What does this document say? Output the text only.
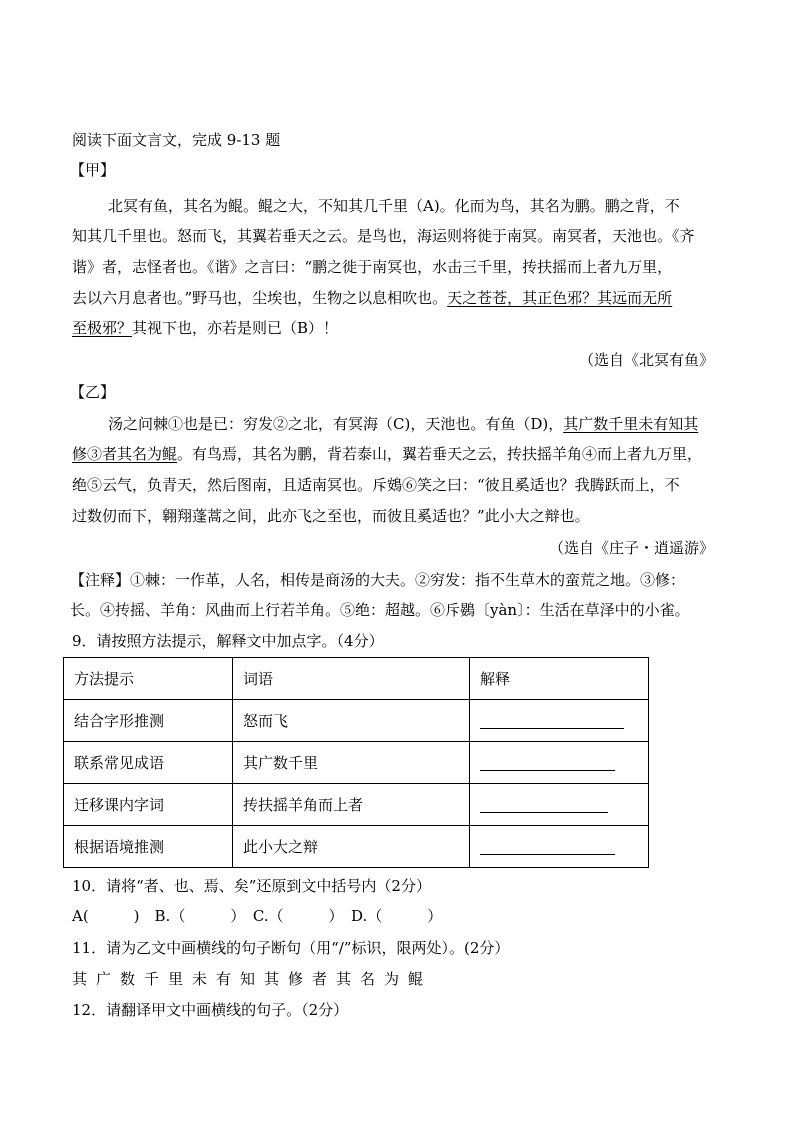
阅读下面文言文，完成 9-13 题
【甲】
北冥有鱼，其名为鲲。鲲之大，不知其几千里（A)。化而为鸟，其名为鹏。鹏之背，不
知其几千里也。怒而飞，其翼若垂天之云。是鸟也，海运则将徙于南冥。南冥者，天池也。《齐
谐》者，志怪者也。《谐》之言曰：“鹏之徙于南冥也，水击三千里，抟扶摇而上者九万里，
去以六月息者也。”野马也，尘埃也，生物之以息相吹也。天之苍苍，其正色邪？其远而无所
至极邪？其视下也，亦若是则已（B）！
（选自《北冥有鱼》
【乙】
汤之问棘①也是已：穷发②之北，有冥海（C)，天池也。有鱼（D)，其广数千里未有知其
修③者其名为鲲。有鸟焉，其名为鹏，背若泰山，翼若垂天之云，抟扶摇羊角④而上者九万里，
绝⑤云气，负青天，然后图南，且适南冥也。斥鴳⑥笑之曰：“彼且奚适也？我腾跃而上，不
过数仞而下，翱翔蓬蒿之间，此亦飞之至也，而彼且奚适也？”此小大之辩也。
（选自《庄子・逍遥游》
【注释】①棘：一作革，人名，相传是商汤的大夫。②穷发：指不生草木的蛮荒之地。③修：
长。④抟摇、羊角：风曲而上行若羊角。⑤绝：超越。⑥斥鷃〔yàn〕：生活在草泽中的小雀。
9．请按照方法提示，解释文中加点字。（4分）
方法提示	词语	解释
结合字形推测	怒而飞	
联系常见成语	其广数千里	
迁移课内字词	抟扶摇羊角而上者	
根据语境推测	此小大之辩	
10．请将“者、也、焉、矣”还原到文中括号内（2分）
A(　　　)　B.（　　　）　C.（　　　）　D.（　　　）
11．请为乙文中画横线的句子断句（用“/”标识，限两处）。(2分）
其广数千里未有知其修者其名为鲲
12．请翻译甲文中画横线的句子。（2分）
